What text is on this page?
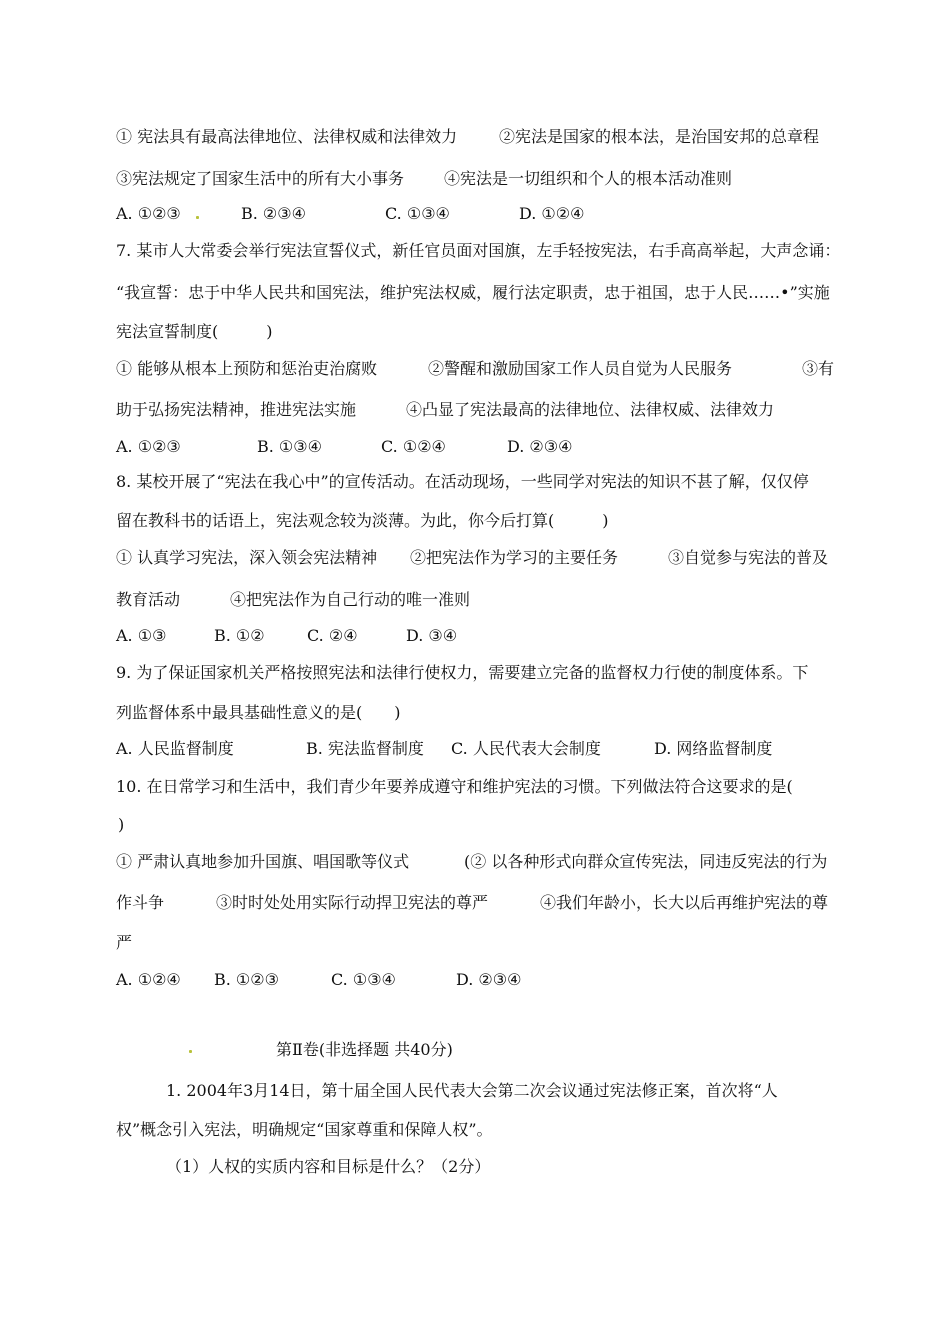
① 宪法具有最高法律地位、法律权威和法律效力	②宪法是国家的根本法，是治国安邦的总章程
③宪法规定了国家生活中的所有大小事务 ④宪法是一切组织和个人的根本活动准则
A. ①②③	B. ②③④	C. ①③④	D. ①②④
7. 某市人大常委会举行宪法宣誓仪式，新任官员面对国旗，左手轻按宪法，右手高高举起，大声念诵：
“我宣誓：忠于中华人民共和国宪法，维护宪法权威，履行法定职责，忠于祖国，忠于人民……•”实施
宪法宣誓制度(　　　)
① 能够从根本上预防和惩治吏治腐败	②警醒和激励国家工作人员自觉为人民服务	③有
助于弘扬宪法精神，推进宪法实施	④凸显了宪法最高的法律地位、法律权威、法律效力
A. ①②③	B. ①③④	C. ①②④	D. ②③④
8. 某校开展了“宪法在我心中”的宣传活动。在活动现场，一些同学对宪法的知识不甚了解，仅仅停
留在教科书的话语上，宪法观念较为淡薄。为此，你今后打算(　　　)
① 认真学习宪法，深入领会宪法精神 ②把宪法作为学习的主要任务	③自觉参与宪法的普及
教育活动	④把宪法作为自己行动的唯一准则
A. ①③	B. ①②	C. ②④	D. ③④
9. 为了保证国家机关严格按照宪法和法律行使权力，需要建立完备的监督权力行使的制度体系。下
列监督体系中最具基础性意义的是(　　)
A. 人民监督制度	B. 宪法监督制度 C. 人民代表大会制度	D. 网络监督制度
10. 在日常学习和生活中，我们青少年要养成遵守和维护宪法的习惯。下列做法符合这要求的是(
)
① 严肃认真地参加升国旗、唱国歌等仪式	(② 以各种形式向群众宣传宪法，同违反宪法的行为
作斗争	③时时处处用实际行动捍卫宪法的尊严	④我们年龄小，长大以后再维护宪法的尊
严
A. ①②④ B. ①②③	C. ①③④	D. ②③④
第Ⅱ卷(非选择题 共40分)
1. 2004年3月14日，第十届全国人民代表大会第二次会议通过宪法修正案，首次将“人
权”概念引入宪法，明确规定“国家尊重和保障人权”。
（1）人权的实质内容和目标是什么？（2分）
